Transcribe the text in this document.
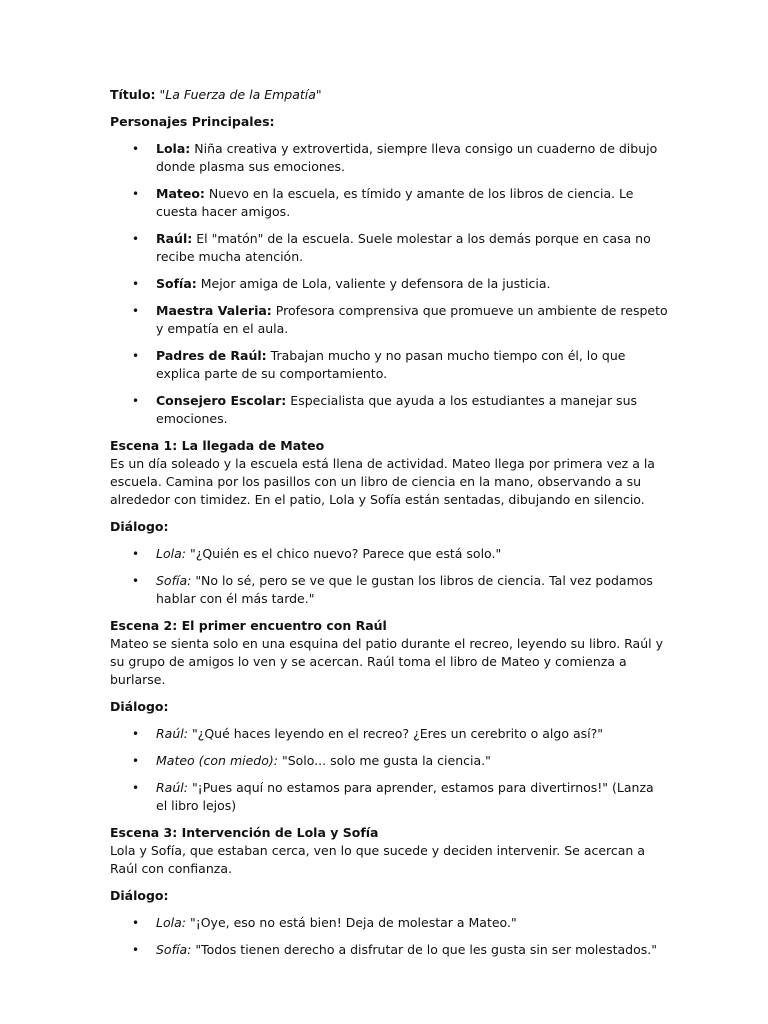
Título: "La Fuerza de la Empatía"

Personajes Principales:

• Lola: Niña creativa y extrovertida, siempre lleva consigo un cuaderno de dibujo donde plasma sus emociones.
• Mateo: Nuevo en la escuela, es tímido y amante de los libros de ciencia. Le cuesta hacer amigos.
• Raúl: El "matón" de la escuela. Suele molestar a los demás porque en casa no recibe mucha atención.
• Sofía: Mejor amiga de Lola, valiente y defensora de la justicia.
• Maestra Valeria: Profesora comprensiva que promueve un ambiente de respeto y empatía en el aula.
• Padres de Raúl: Trabajan mucho y no pasan mucho tiempo con él, lo que explica parte de su comportamiento.
• Consejero Escolar: Especialista que ayuda a los estudiantes a manejar sus emociones.

Escena 1: La llegada de Mateo

Es un día soleado y la escuela está llena de actividad. Mateo llega por primera vez a la escuela. Camina por los pasillos con un libro de ciencia en la mano, observando a su alrededor con timidez. En el patio, Lola y Sofía están sentadas, dibujando en silencio.

Diálogo:

• Lola: "¿Quién es el chico nuevo? Parece que está solo."
• Sofía: "No lo sé, pero se ve que le gustan los libros de ciencia. Tal vez podamos hablar con él más tarde."

Escena 2: El primer encuentro con Raúl

Mateo se sienta solo en una esquina del patio durante el recreo, leyendo su libro. Raúl y su grupo de amigos lo ven y se acercan. Raúl toma el libro de Mateo y comienza a burlarse.

Diálogo:

• Raúl: "¿Qué haces leyendo en el recreo? ¿Eres un cerebrito o algo así?"
• Mateo (con miedo): "Solo... solo me gusta la ciencia."
• Raúl: "¡Pues aquí no estamos para aprender, estamos para divertirnos!" (Lanza el libro lejos)

Escena 3: Intervención de Lola y Sofía

Lola y Sofía, que estaban cerca, ven lo que sucede y deciden intervenir. Se acercan a Raúl con confianza.

Diálogo:

• Lola: "¡Oye, eso no está bien! Deja de molestar a Mateo."
• Sofía: "Todos tienen derecho a disfrutar de lo que les gusta sin ser molestados."
